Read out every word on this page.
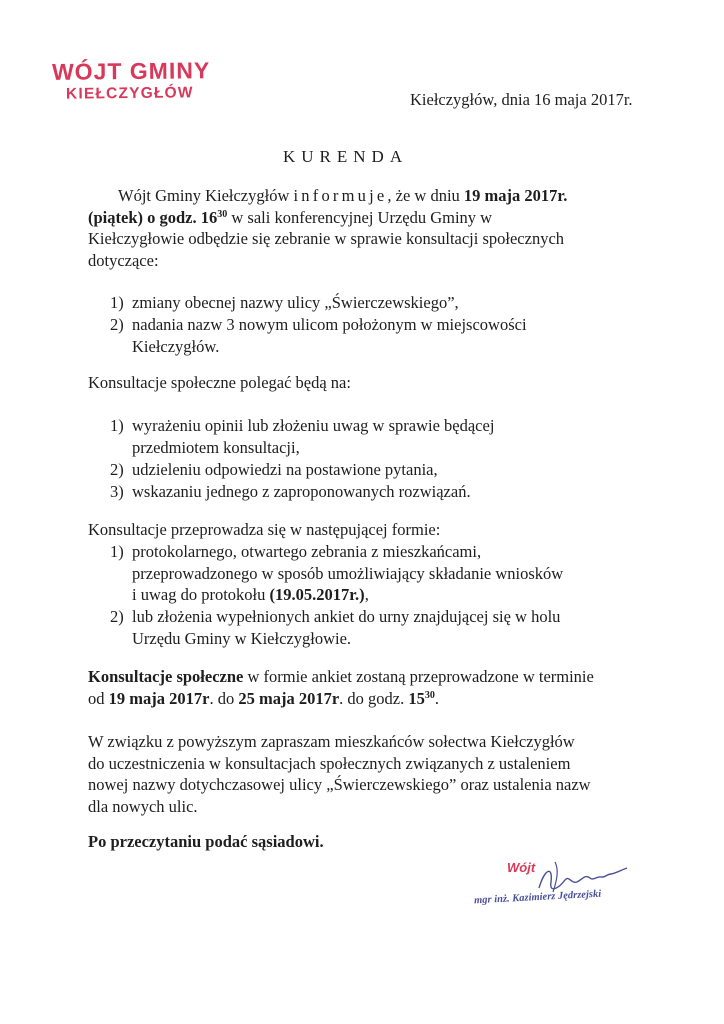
WÓJT GMINY
KIEŁCZYGŁÓW	Kiełczygłów, dnia 16 maja 2017r.
KURENDA
Wójt Gminy Kiełczygłów informuje, że w dniu 19 maja 2017r.
(piątek) o godz. $16^{30}$ w sali konferencyjnej Urzędu Gminy w
Kiełczygłowie odbędzie się zebranie w sprawie konsultacji społecznych
dotyczące:
1) zmiany obecnej nazwy ulicy „Świerczewskiego”,
2) nadania nazw 3 nowym ulicom położonym w miejscowości
Kiełczygłów.
Konsultacje społeczne polegać będą na:
1) wyrażeniu opinii lub złożeniu uwag w sprawie będącej
przedmiotem konsultacji,
2) udzieleniu odpowiedzi na postawione pytania,
3) wskazaniu jednego z zaproponowanych rozwiązań.
Konsultacje przeprowadza się w następującej formie:
1) protokolarnego, otwartego zebrania z mieszkańcami,
przeprowadzonego w sposób umożliwiający składanie wniosków
i uwag do protokołu (19.05.2017r.),
2) lub złożenia wypełnionych ankiet do urny znajdującej się w holu
Urzędu Gminy w Kiełczygłowie.
Konsultacje społeczne w formie ankiet zostaną przeprowadzone w terminie
od 19 maja 2017r. do 25 maja 2017r. do godz. $15^{30}$.
W związku z powyższym zapraszam mieszkańców sołectwa Kiełczygłów
do uczestniczenia w konsultacjach społecznych związanych z ustaleniem
nowej nazwy dotychczasowej ulicy „Świerczewskiego” oraz ustalenia nazw
dla nowych ulic.
Po przeczytaniu podać sąsiadowi.
Wójt
mgr inż. Kazimierz Jędrzejski
